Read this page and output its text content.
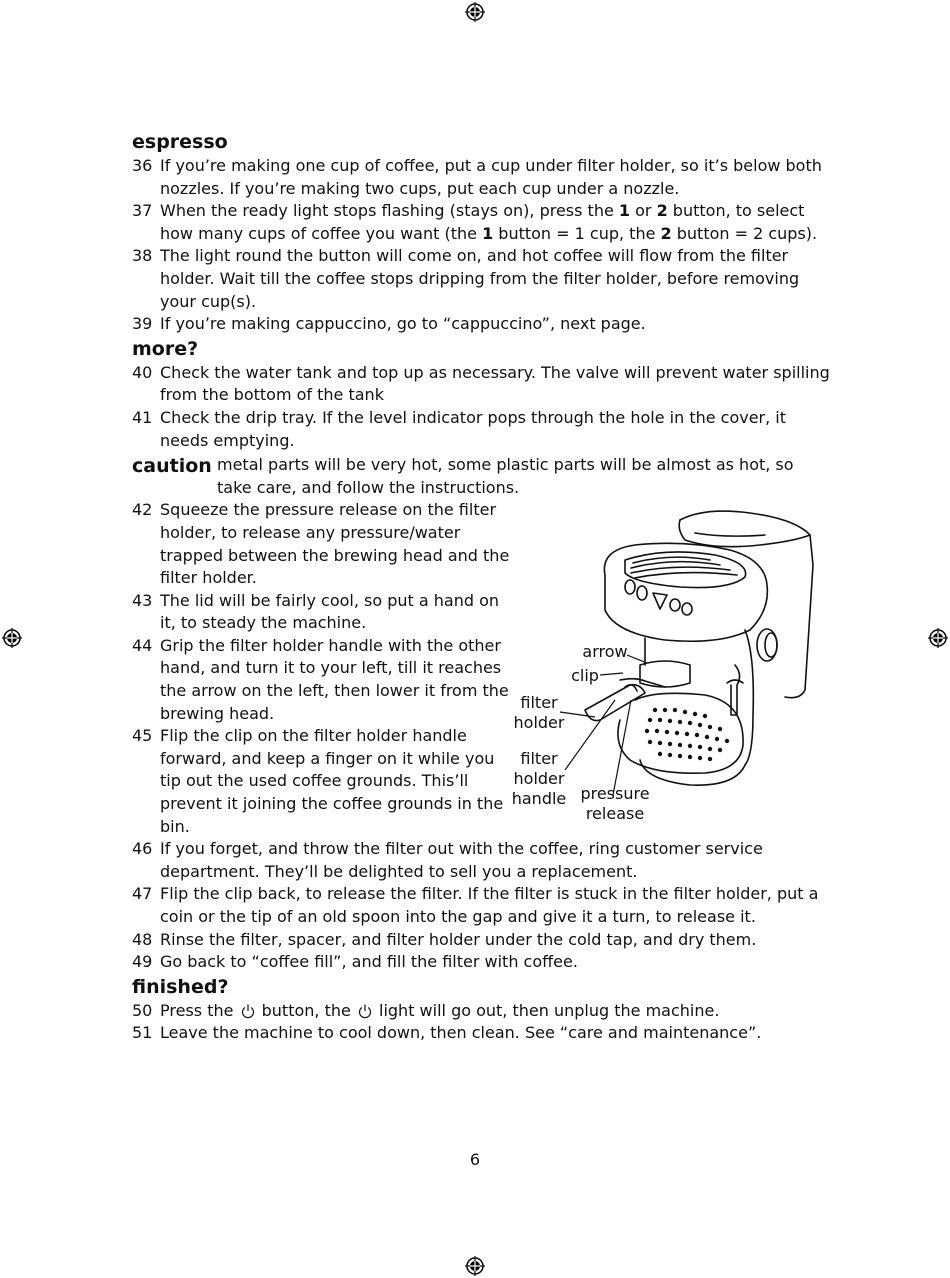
espresso
36 If you’re making one cup of coffee, put a cup under filter holder, so it’s below both nozzles. If you’re making two cups, put each cup under a nozzle.
37 When the ready light stops flashing (stays on), press the 1 or 2 button, to select how many cups of coffee you want (the 1 button = 1 cup, the 2 button = 2 cups).
38 The light round the button will come on, and hot coffee will flow from the filter holder. Wait till the coffee stops dripping from the filter holder, before removing your cup(s).
39 If you’re making cappuccino, go to “cappuccino”, next page.
more?
40 Check the water tank and top up as necessary. The valve will prevent water spilling from the bottom of the tank
41 Check the drip tray. If the level indicator pops through the hole in the cover, it needs emptying.
caution metal parts will be very hot, some plastic parts will be almost as hot, so take care, and follow the instructions.
42 Squeeze the pressure release on the filter holder, to release any pressure/water trapped between the brewing head and the filter holder.
43 The lid will be fairly cool, so put a hand on it, to steady the machine.
44 Grip the filter holder handle with the other hand, and turn it to your left, till it reaches the arrow on the left, then lower it from the brewing head.
45 Flip the clip on the filter holder handle forward, and keep a finger on it while you tip out the used coffee grounds. This’ll prevent it joining the coffee grounds in the bin.
46 If you forget, and throw the filter out with the coffee, ring customer service department. They’ll be delighted to sell you a replacement.
47 Flip the clip back, to release the filter. If the filter is stuck in the filter holder, put a coin or the tip of an old spoon into the gap and give it a turn, to release it.
48 Rinse the filter, spacer, and filter holder under the cold tap, and dry them.
49 Go back to “coffee fill”, and fill the filter with coffee.
finished?
50 Press the  button, the  light will go out, then unplug the machine.
51 Leave the machine to cool down, then clean. See “care and maintenance”.
arrow
clip
filter holder
filter holder handle pressure release
6
